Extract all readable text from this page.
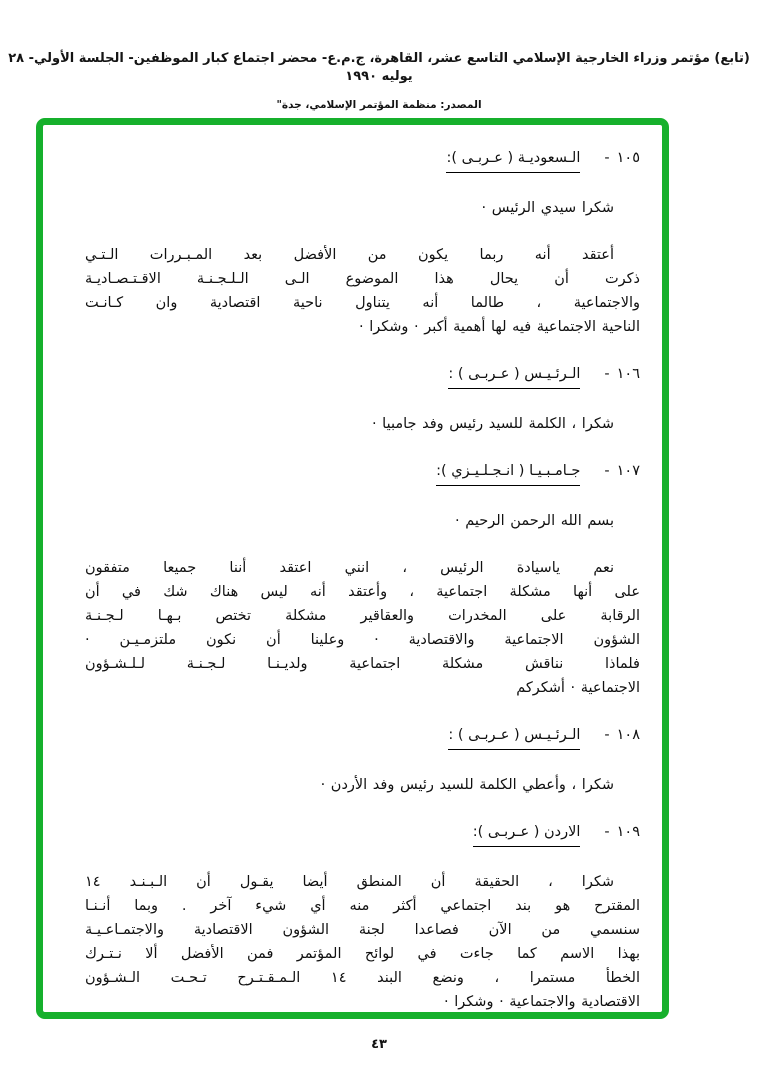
(تابع) مؤتمر وزراء الخارجية الإسلامي التاسع عشر، القاهرة، ج.م.ع- محضر اجتماع كبار الموظفين- الجلسة الأولي- ٢٨ يوليه ١٩٩٠
المصدر: منظمة المؤتمر الإسلامي، جدة"
١٠٥
-
الـسعوديـة ( عـربـى ):
شكرا سيدي الرئيس ·
أعتقد أنه ربما يكون من الأفضل بعد المـبـررات الـتـي
ذكرت أن يحال هذا الموضوع الـى الـلـجـنـة الاقـتـصـاديـة
والاجتماعية ، طالما أنه يتناول ناحية اقتصادية وان كـانـت
الناحية الاجتماعية فيه لها أهمية أكبر · وشكرا ·
١٠٦
-
الـرئـيـس ( عـربـى ) :
شكرا ، الكلمة للسيد رئيس وفد جامبيا ·
١٠٧
-
جـامـبـيـا ( انـجـلـيـزي ):
بسم الله الرحمن الرحيم ·
نعم ياسيادة الرئيس ، انني اعتقد أننا جميعا متفقون
على أنها مشكلة اجتماعية ، وأعتقد أنه ليس هناك شك في أن
الرقابة على المخدرات والعقاقير مشكلة تختص بـهـا لـجـنـة
الشؤون الاجتماعية والاقتصادية · وعلينا أن نكون ملتزمـيـن ·
فلماذا نناقش مشكلة اجتماعية ولديـنـا لـجـنـة لـلـشـؤون
الاجتماعية · أشكركم
١٠٨
-
الـرئـيـس ( عـربـى ) :
شكرا ، وأعطي الكلمة للسيد رئيس وفد الأردن ·
١٠٩
-
الاردن ( عـربـى ):
شكرا ، الحقيقة أن المنطق أيضا يقـول أن الـبـنـد ١٤
المقترح هو بند اجتماعي أكثر منه أي شيء آخر . وبما أنـنـا
سنسمي من الآن فصاعدا لجنة الشؤون الاقتصادية والاجتمـاعـيـة
بهذا الاسم كما جاءت في لوائح المؤتمر فمن الأفضل ألا نـتـرك
الخطأ مستمرا ، ونضع البند ١٤ الـمـقـتـرح تـحـت الـشـؤون
الاقتصادية والاجتماعية · وشكرا ·
٤٣
